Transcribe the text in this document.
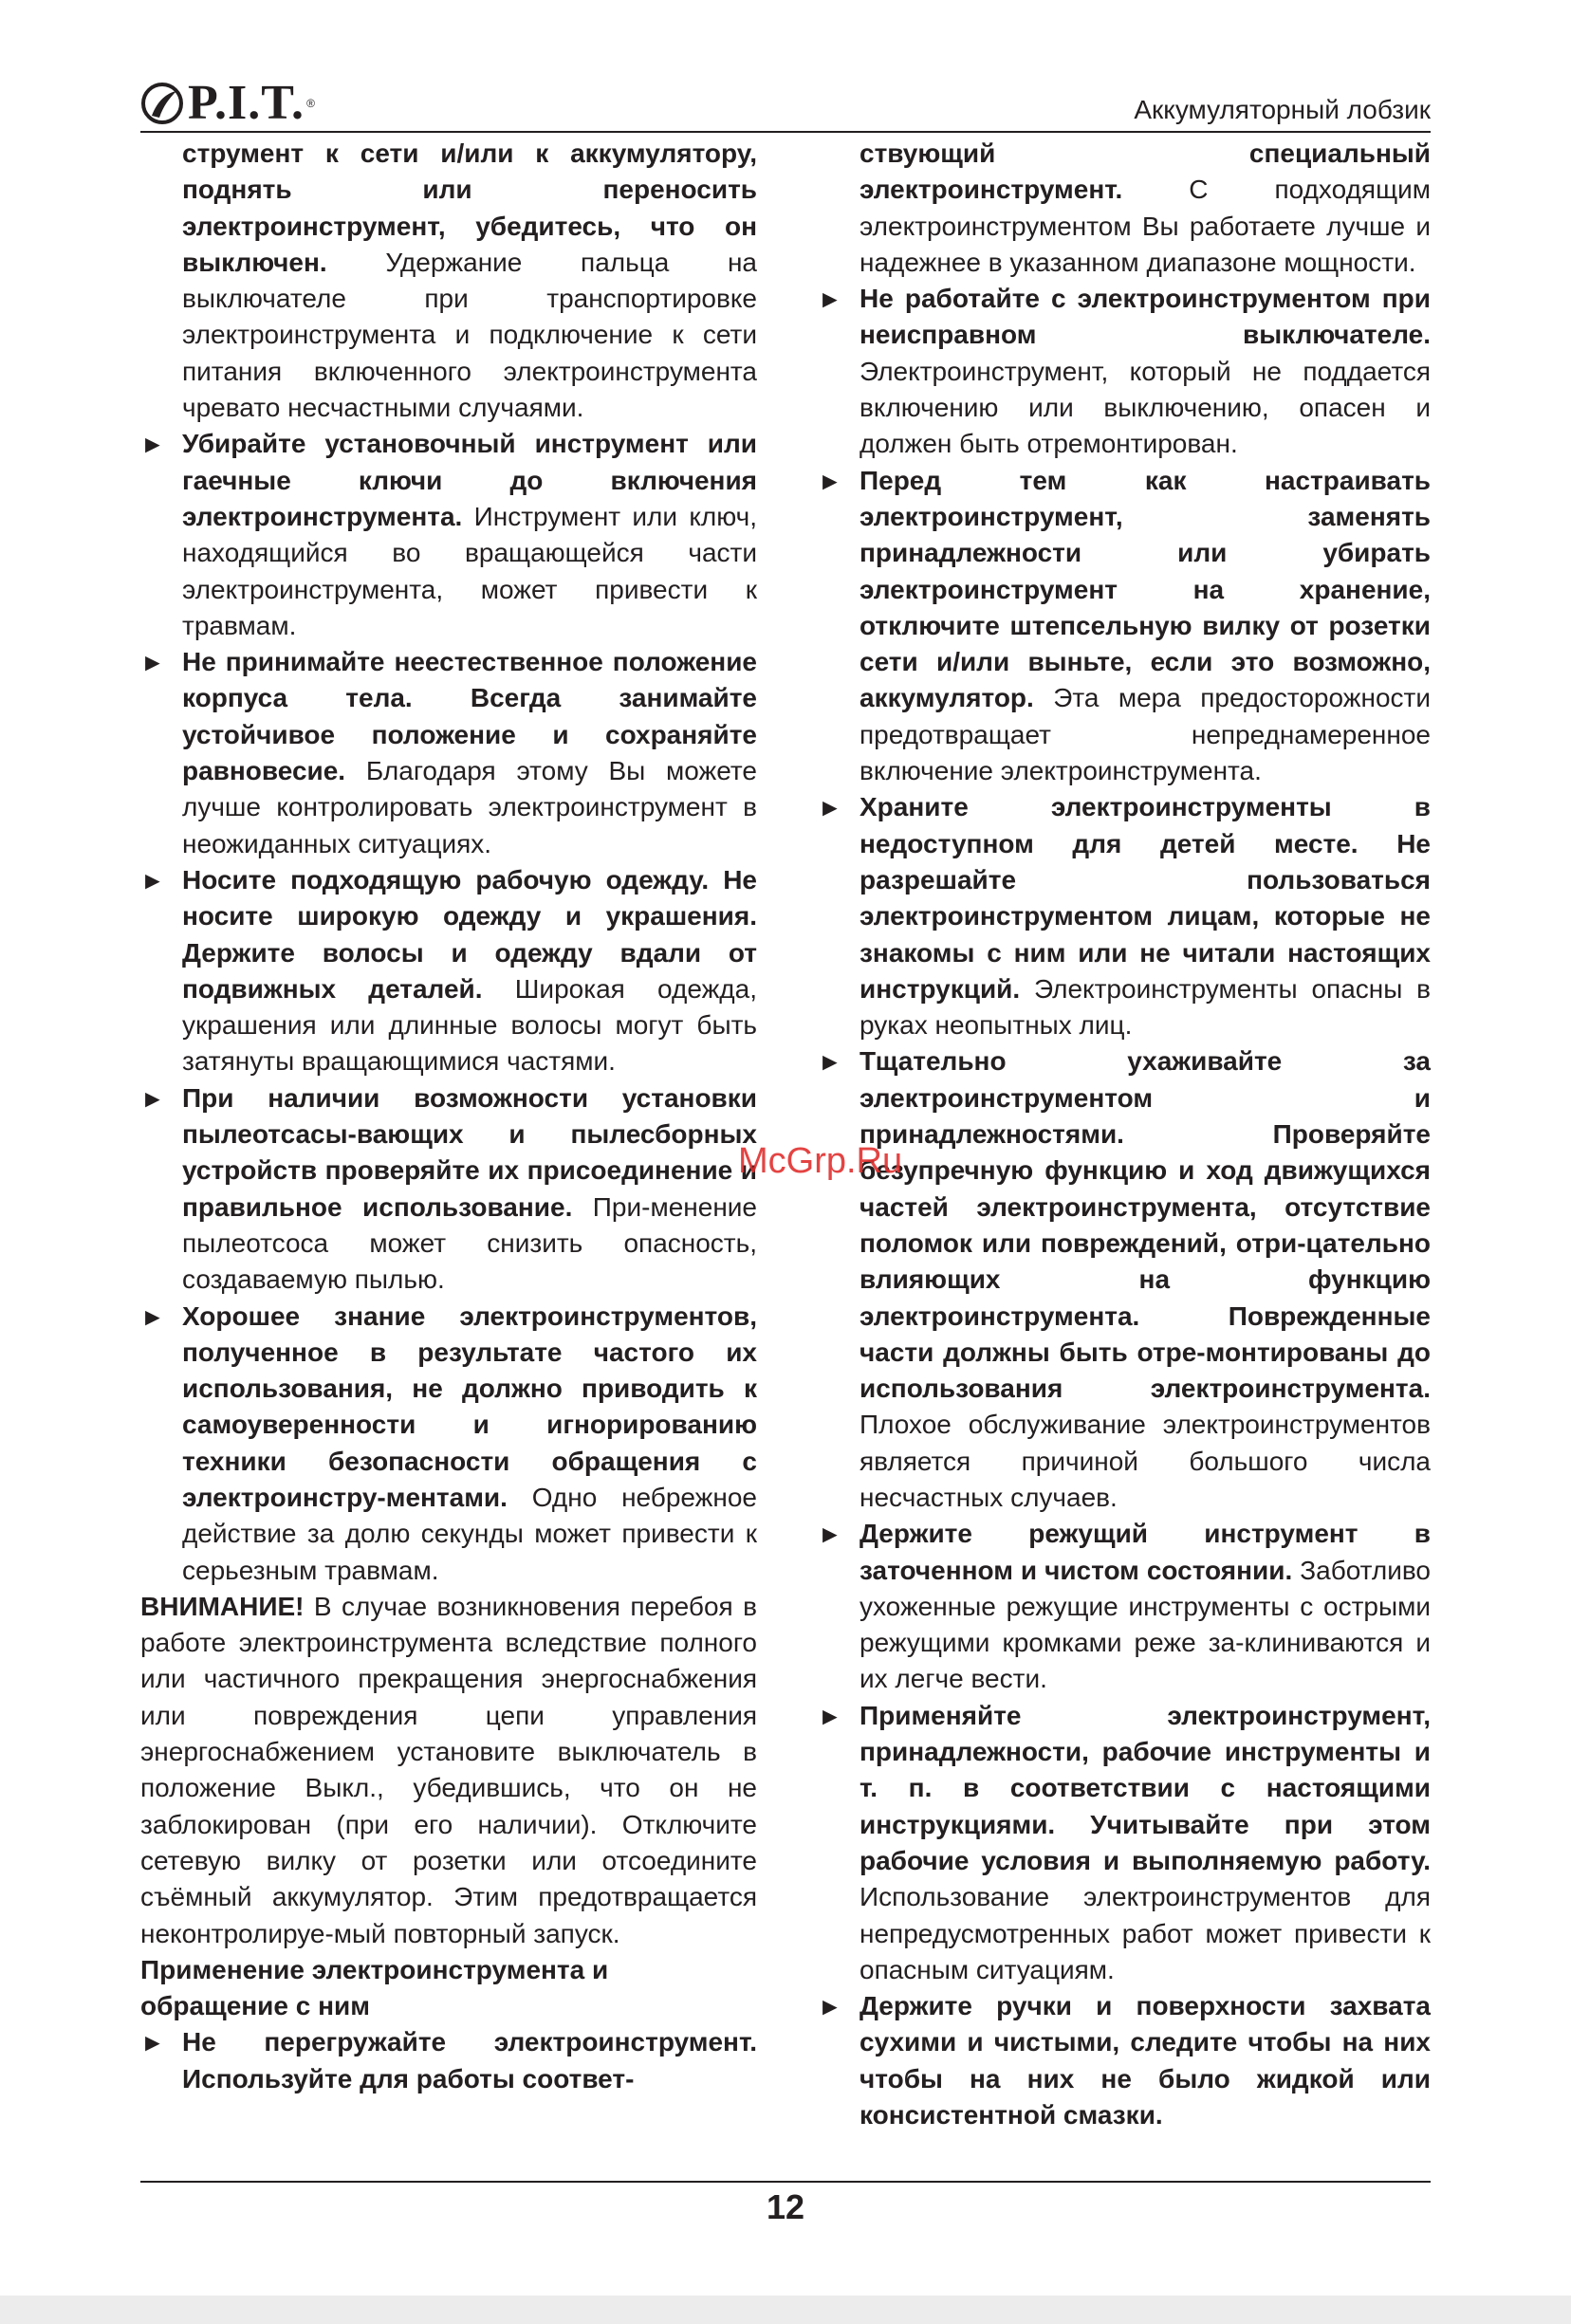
P.I.T. ®	Аккумуляторный лобзик

струмент к сети и/или к аккумулятору, поднять или переносить электроинструмент, убедитесь, что он выключен. Удержание пальца на выключателе при транспортировке электроинструмента и подключение к сети питания включенного электроинструмента чревато несчастными случаями.

► Убирайте установочный инструмент или гаечные ключи до включения электроинструмента. Инструмент или ключ, находящийся во вращающейся части электроинструмента, может привести к травмам.

► Не принимайте неестественное положение корпуса тела. Всегда занимайте устойчивое положение и сохраняйте равновесие. Благодаря этому Вы можете лучше контролировать электроинструмент в неожиданных ситуациях.

► Носите подходящую рабочую одежду. Не носите широкую одежду и украшения. Держите волосы и одежду вдали от подвижных деталей. Широкая одежда, украшения или длинные волосы могут быть затянуты вращающимися частями.

► При наличии возможности установки пылеотсасы-вающих и пылесборных устройств проверяйте их присоединение и правильное использование. При-менение пылеотсоса может снизить опасность, создаваемую пылью.

► Хорошее знание электроинструментов, полученное в результате частого их использования, не должно приводить к самоуверенности и игнорированию техники безопасности обращения с электроинстру-ментами. Одно небрежное действие за долю секунды может привести к серьезным травмам.

ВНИМАНИЕ! В случае возникновения перебоя в работе электроинструмента вследствие полного или частичного прекращения энергоснабжения или повреждения цепи управления энергоснабжением установите выключатель в положение Выкл., убедившись, что он не заблокирован (при его наличии). Отключите сетевую вилку от розетки или отсоедините съёмный аккумулятор. Этим предотвращается неконтролируе-мый повторный запуск.

Применение электроинструмента и обращение с ним

► Не перегружайте электроинструмент. Используйте для работы соответ-

ствующий специальный электроинструмент.	С подходящим электроинструментом Вы работаете лучше и надежнее в указанном диапазоне мощности.

► Не работайте с электроинструментом при неисправном выключателе. Электроинструмент, который не поддается включению или выключению, опасен и должен быть отремонтирован.

► Перед тем как настраивать электроинструмент, заменять принадлежности или убирать электроинструмент на хранение, отключите штепсельную вилку от розетки сети и/или выньте, если это возможно, аккумулятор. Эта мера предосторожности предотвращает непреднамеренное включение электроинструмента.

► Храните электроинструменты в недоступном для детей месте. Не разрешайте пользоваться электроинструментом лицам, которые не знакомы с ним или не читали настоящих инструкций. Электроинструменты опасны в руках неопытных лиц.

► Тщательно ухаживайте за электроинструментом и принадлежностями. Проверяйте безупречную функцию и ход движущихся частей электроинструмента, отсутствие поломок или повреждений, отри-цательно влияющих на функцию электроинструмента. Поврежденные части должны быть отре-монтированы до использования электроинструмента. Плохое обслуживание электроинструментов является причиной большого числа несчастных случаев.

► Держите режущий инструмент в заточенном и чистом состоянии. Заботливо ухоженные режущие инструменты с острыми режущими кромками реже за-клиниваются и их легче вести.

► Применяйте электроинструмент, принадлежности, рабочие инструменты и т. п. в соответствии с настоящими инструкциями. Учитывайте при этом рабочие условия и выполняемую работу. Использование электроинструментов для непредусмотренных работ может привести к опасным ситуациям.

► Держите ручки и поверхности захвата сухими и чистыми, следите чтобы на них чтобы на них не было жидкой или консистентной смазки.

McGrp.Ru
12
